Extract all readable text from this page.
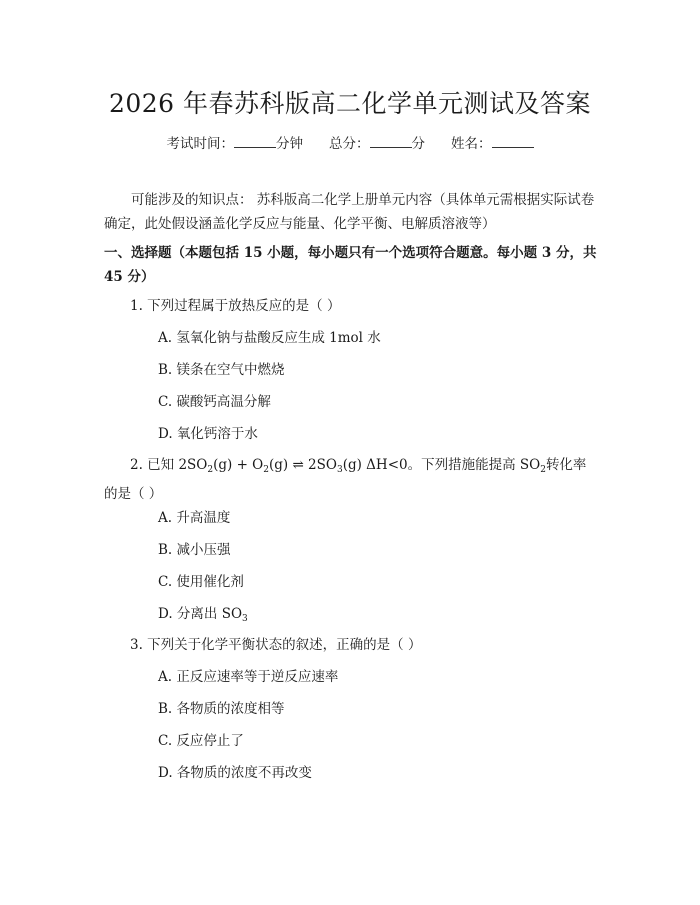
2026 年春苏科版高二化学单元测试及答案
考试时间：	分钟 总分：	分 姓名：
可能涉及的知识点： 苏科版高二化学上册单元内容（具体单元需根据实际试卷确定，此处假设涵盖化学反应与能量、化学平衡、电解质溶液等）
一、选择题（本题包括 15 小题，每小题只有一个选项符合题意。每小题 3 分，共 45 分）
1. 下列过程属于放热反应的是（ ）
A. 氢氧化钠与盐酸反应生成 1mol 水
B. 镁条在空气中燃烧
C. 碳酸钙高温分解
D. 氧化钙溶于水
2. 已知 $2SO_2(g) + O_2(g)$ ⇌ $2SO_3(g)$ ΔH<0。下列措施能提高 $SO_2$转化率的是（ ）
A. 升高温度
B. 减小压强
C. 使用催化剂
D. 分离出 $SO_3$
3. 下列关于化学平衡状态的叙述，正确的是（ ）
A. 正反应速率等于逆反应速率
B. 各物质的浓度相等
C. 反应停止了
D. 各物质的浓度不再改变
